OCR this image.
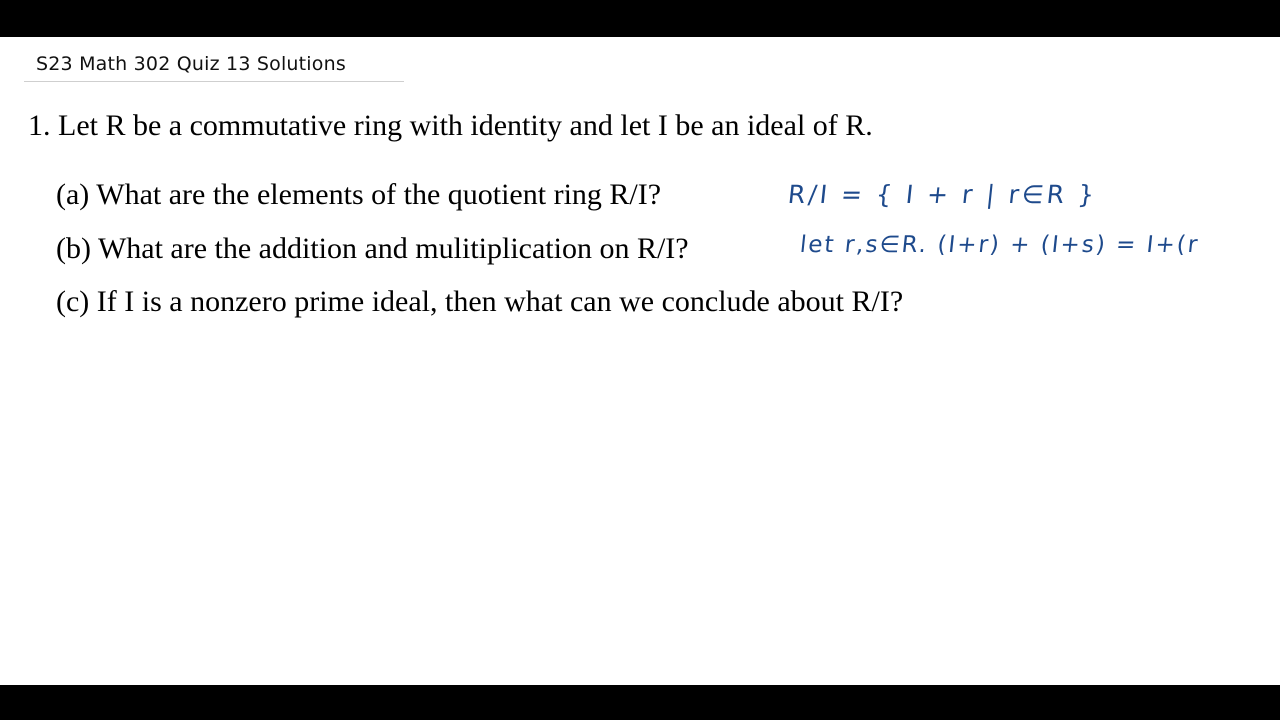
S23 Math 302 Quiz 13 Solutions
1. Let R be a commutative ring with identity and let I be an ideal of R.
(a) What are the elements of the quotient ring R/I?	R/I = { I + r | r∈R }
(b) What are the addition and mulitiplication on R/I?	let r,s∈R. (I+r) + (I+s) = I+(r
(c) If I is a nonzero prime ideal, then what can we conclude about R/I?
